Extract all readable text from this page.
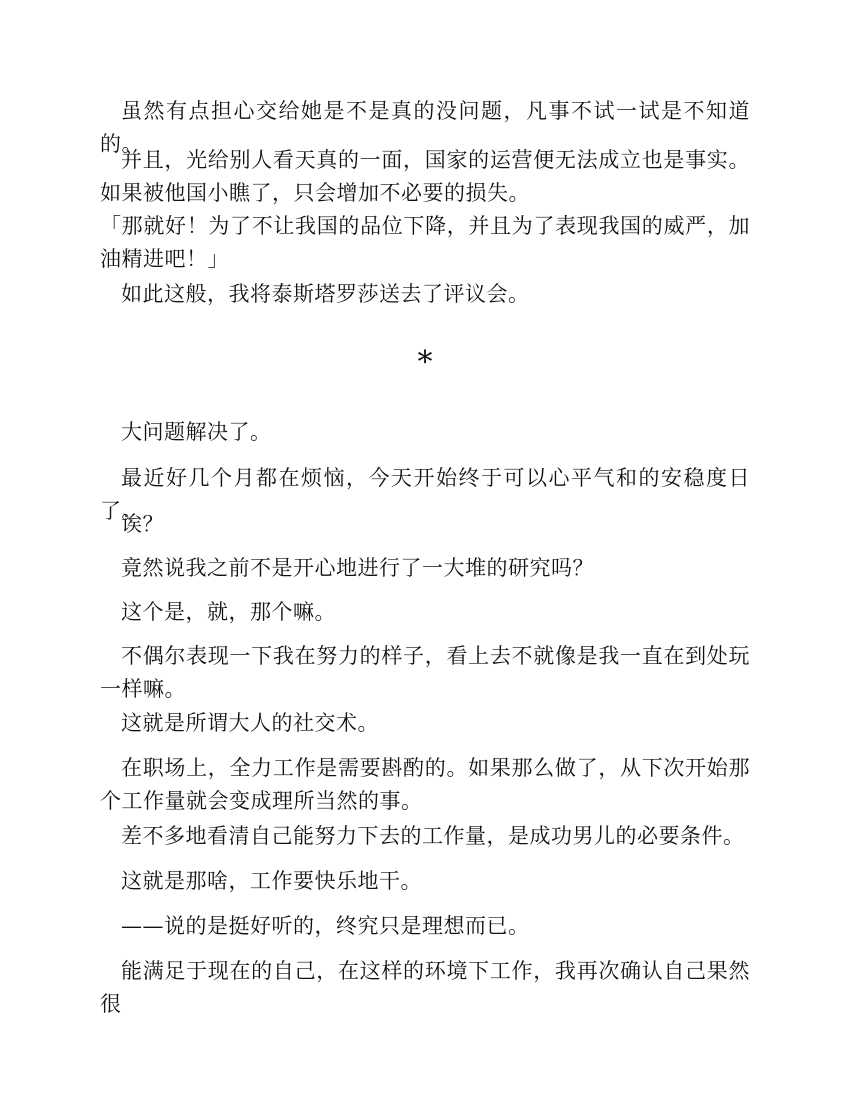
虽然有点担心交给她是不是真的没问题，凡事不试一试是不知道的。

并且，光给别人看天真的一面，国家的运营便无法成立也是事实。如果被他国小瞧了，只会增加不必要的损失。

「那就好！为了不让我国的品位下降，并且为了表现我国的威严，加油精进吧！」

如此这般，我将泰斯塔罗莎送去了评议会。

*

大问题解决了。

最近好几个月都在烦恼，今天开始终于可以心平气和的安稳度日了。

诶？

竟然说我之前不是开心地进行了一大堆的研究吗？

这个是，就，那个嘛。

不偶尔表现一下我在努力的样子，看上去不就像是我一直在到处玩一样嘛。

这就是所谓大人的社交术。

在职场上，全力工作是需要斟酌的。如果那么做了，从下次开始那个工作量就会变成理所当然的事。

差不多地看清自己能努力下去的工作量，是成功男儿的必要条件。

这就是那啥，工作要快乐地干。

——说的是挺好听的，终究只是理想而已。

能满足于现在的自己，在这样的环境下工作，我再次确认自己果然很
